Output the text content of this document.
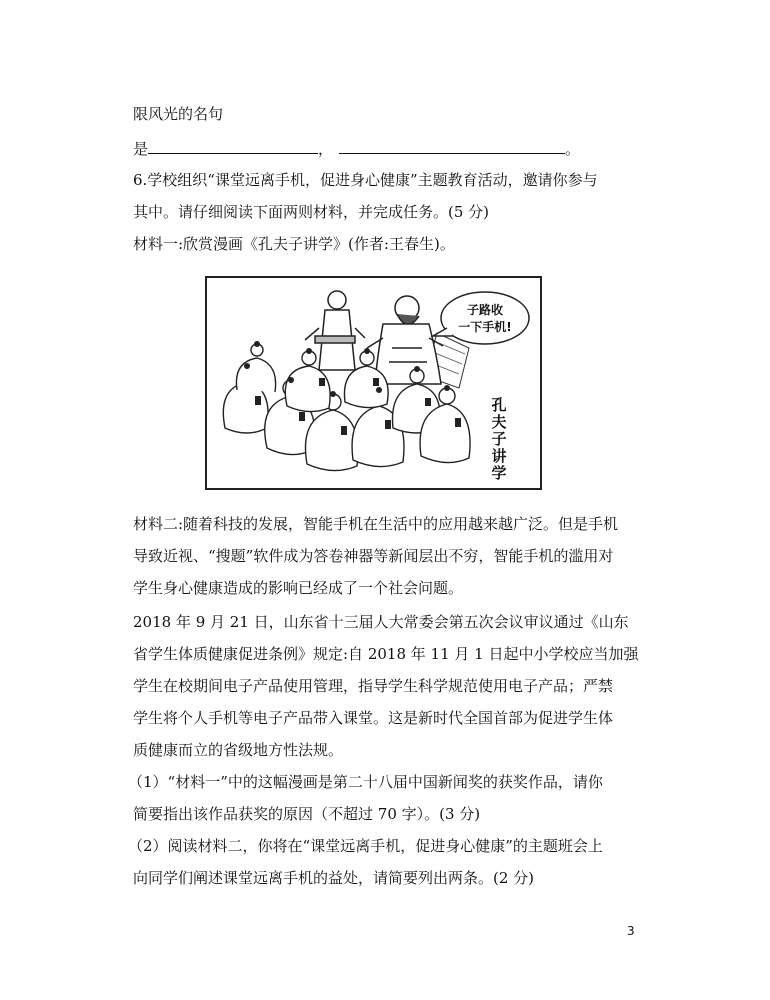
限风光的名句
是	，	。
6.学校组织“课堂远离手机，促进身心健康”主题教育活动，邀请你参与
其中。请仔细阅读下面两则材料，并完成任务。(5 分)
材料一:欣赏漫画《孔夫子讲学》(作者:王春生)。
子路收
一下手机!
孔
夫
子
讲
学
材料二:随着科技的发展，智能手机在生活中的应用越来越广泛。但是手机
导致近视、“搜题”软件成为答卷神器等新闻层出不穷，智能手机的滥用对
学生身心健康造成的影响已经成了一个社会问题。
2018 年 9 月 21 日，山东省十三届人大常委会第五次会议审议通过《山东
省学生体质健康促进条例》规定:自 2018 年 11 月 1 日起中小学校应当加强
学生在校期间电子产品使用管理，指导学生科学规范使用电子产品；严禁
学生将个人手机等电子产品带入课堂。这是新时代全国首部为促进学生体
质健康而立的省级地方性法规。
（1）“材料一”中的这幅漫画是第二十八届中国新闻奖的获奖作品，请你
简要指出该作品获奖的原因（不超过 70 字）。(3 分)
（2）阅读材料二，你将在“课堂远离手机，促进身心健康”的主题班会上
向同学们阐述课堂远离手机的益处，请简要列出两条。(2 分)
3
